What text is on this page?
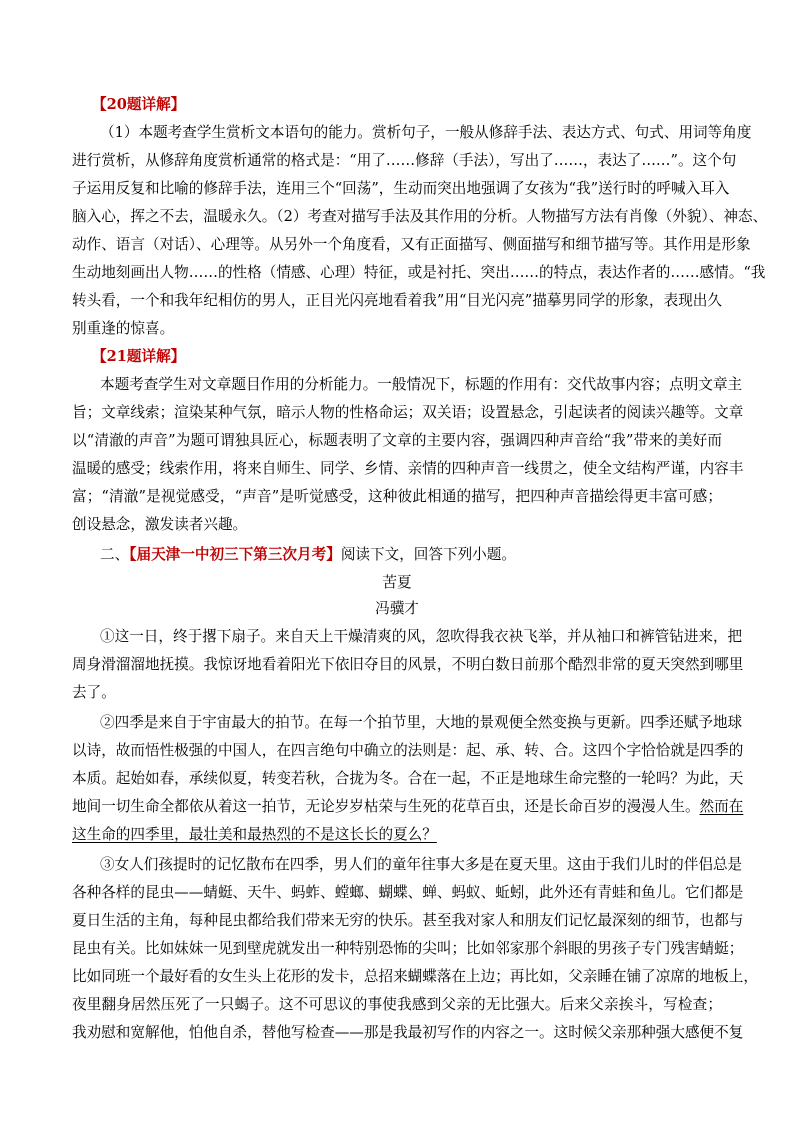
【20题详解】
（1）本题考查学生赏析文本语句的能力。赏析句子，一般从修辞手法、表达方式、句式、用词等角度
进行赏析，从修辞角度赏析通常的格式是：“用了……修辞（手法），写出了……，表达了……”。这个句
子运用反复和比喻的修辞手法，连用三个“回荡”，生动而突出地强调了女孩为“我”送行时的呼喊入耳入
脑入心，挥之不去，温暖永久。（2）考查对描写手法及其作用的分析。人物描写方法有肖像（外貌）、神态、
动作、语言（对话）、心理等。从另外一个角度看，又有正面描写、侧面描写和细节描写等。其作用是形象
生动地刻画出人物……的性格（情感、心理）特征，或是衬托、突出……的特点，表达作者的……感情。“我
转头看，一个和我年纪相仿的男人，正目光闪亮地看着我”用“目光闪亮”描摹男同学的形象，表现出久
别重逢的惊喜。
【21题详解】
本题考查学生对文章题目作用的分析能力。一般情况下，标题的作用有：交代故事内容；点明文章主
旨；文章线索；渲染某种气氛，暗示人物的性格命运；双关语；设置悬念，引起读者的阅读兴趣等。文章
以“清澈的声音”为题可谓独具匠心，标题表明了文章的主要内容，强调四种声音给“我”带来的美好而
温暖的感受；线索作用，将来自师生、同学、乡情、亲情的四种声音一线贯之，使全文结构严谨，内容丰
富；“清澈”是视觉感受，“声音”是听觉感受，这种彼此相通的描写，把四种声音描绘得更丰富可感；
创设悬念，激发读者兴趣。
二、【届天津一中初三下第三次月考】阅读下文，回答下列小题。
苦夏
冯骥才
①这一日，终于撂下扇子。来自天上干燥清爽的风，忽吹得我衣袂飞举，并从袖口和裤管钻进来，把
周身滑溜溜地抚摸。我惊讶地看着阳光下依旧夺目的风景，不明白数日前那个酷烈非常的夏天突然到哪里
去了。
②四季是来自于宇宙最大的拍节。在每一个拍节里，大地的景观便全然变换与更新。四季还赋予地球
以诗，故而悟性极强的中国人，在四言绝句中确立的法则是：起、承、转、合。这四个字恰恰就是四季的
本质。起始如春，承续似夏，转变若秋，合拢为冬。合在一起，不正是地球生命完整的一轮吗？为此，天
地间一切生命全都依从着这一拍节，无论岁岁枯荣与生死的花草百虫，还是长命百岁的漫漫人生。然而在
这生命的四季里，最壮美和最热烈的不是这长长的夏么？
③女人们孩提时的记忆散布在四季，男人们的童年往事大多是在夏天里。这由于我们儿时的伴侣总是
各种各样的昆虫——蜻蜓、天牛、蚂蚱、螳螂、蝴蝶、蝉、蚂蚁、蚯蚓，此外还有青蛙和鱼儿。它们都是
夏日生活的主角，每种昆虫都给我们带来无穷的快乐。甚至我对家人和朋友们记忆最深刻的细节，也都与
昆虫有关。比如妹妹一见到壁虎就发出一种特别恐怖的尖叫；比如邻家那个斜眼的男孩子专门残害蜻蜓；
比如同班一个最好看的女生头上花形的发卡，总招来蝴蝶落在上边；再比如，父亲睡在铺了凉席的地板上，
夜里翻身居然压死了一只蝎子。这不可思议的事使我感到父亲的无比强大。后来父亲挨斗，写检查；
我劝慰和宽解他，怕他自杀，替他写检查——那是我最初写作的内容之一。这时候父亲那种强大感便不复
